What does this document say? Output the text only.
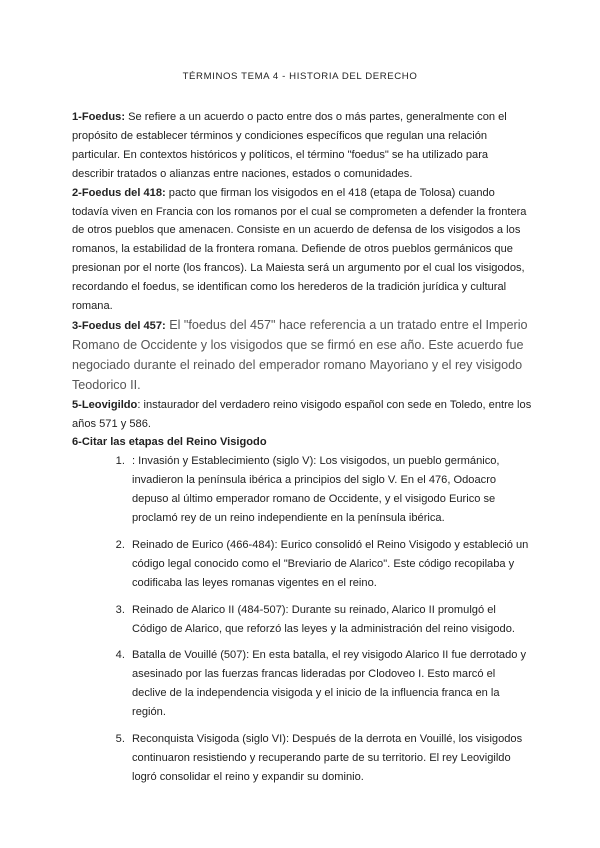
TÉRMINOS TEMA 4 - HISTORIA DEL DERECHO

1-Foedus: Se refiere a un acuerdo o pacto entre dos o más partes, generalmente con el propósito de establecer términos y condiciones específicos que regulan una relación particular. En contextos históricos y políticos, el término "foedus" se ha utilizado para describir tratados o alianzas entre naciones, estados o comunidades.

2-Foedus del 418: pacto que firman los visigodos en el 418 (etapa de Tolosa) cuando todavía viven en Francia con los romanos por el cual se comprometen a defender la frontera de otros pueblos que amenacen. Consiste en un acuerdo de defensa de los visigodos a los romanos, la estabilidad de la frontera romana. Defiende de otros pueblos germánicos que presionan por el norte (los francos). La Maiesta será un argumento por el cual los visigodos, recordando el foedus, se identifican como los herederos de la tradición jurídica y cultural romana.

3-Foedus del 457: El "foedus del 457" hace referencia a un tratado entre el Imperio Romano de Occidente y los visigodos que se firmó en ese año. Este acuerdo fue negociado durante el reinado del emperador romano Mayoriano y el rey visigodo Teodorico II.

5-Leovigildo: instaurador del verdadero reino visigodo español con sede en Toledo, entre los años 571 y 586.

6-Citar las etapas del Reino Visigodo

1. : Invasión y Establecimiento (siglo V): Los visigodos, un pueblo germánico, invadieron la península ibérica a principios del siglo V. En el 476, Odoacro depuso al último emperador romano de Occidente, y el visigodo Eurico se proclamó rey de un reino independiente en la península ibérica.
2. Reinado de Eurico (466-484): Eurico consolidó el Reino Visigodo y estableció un código legal conocido como el "Breviario de Alarico". Este código recopilaba y codificaba las leyes romanas vigentes en el reino.
3. Reinado de Alarico II (484-507): Durante su reinado, Alarico II promulgó el Código de Alarico, que reforzó las leyes y la administración del reino visigodo.
4. Batalla de Vouillé (507): En esta batalla, el rey visigodo Alarico II fue derrotado y asesinado por las fuerzas francas lideradas por Clodoveo I. Esto marcó el declive de la independencia visigoda y el inicio de la influencia franca en la región.
5. Reconquista Visigoda (siglo VI): Después de la derrota en Vouillé, los visigodos continuaron resistiendo y recuperando parte de su territorio. El rey Leovigildo logró consolidar el reino y expandir su dominio.
